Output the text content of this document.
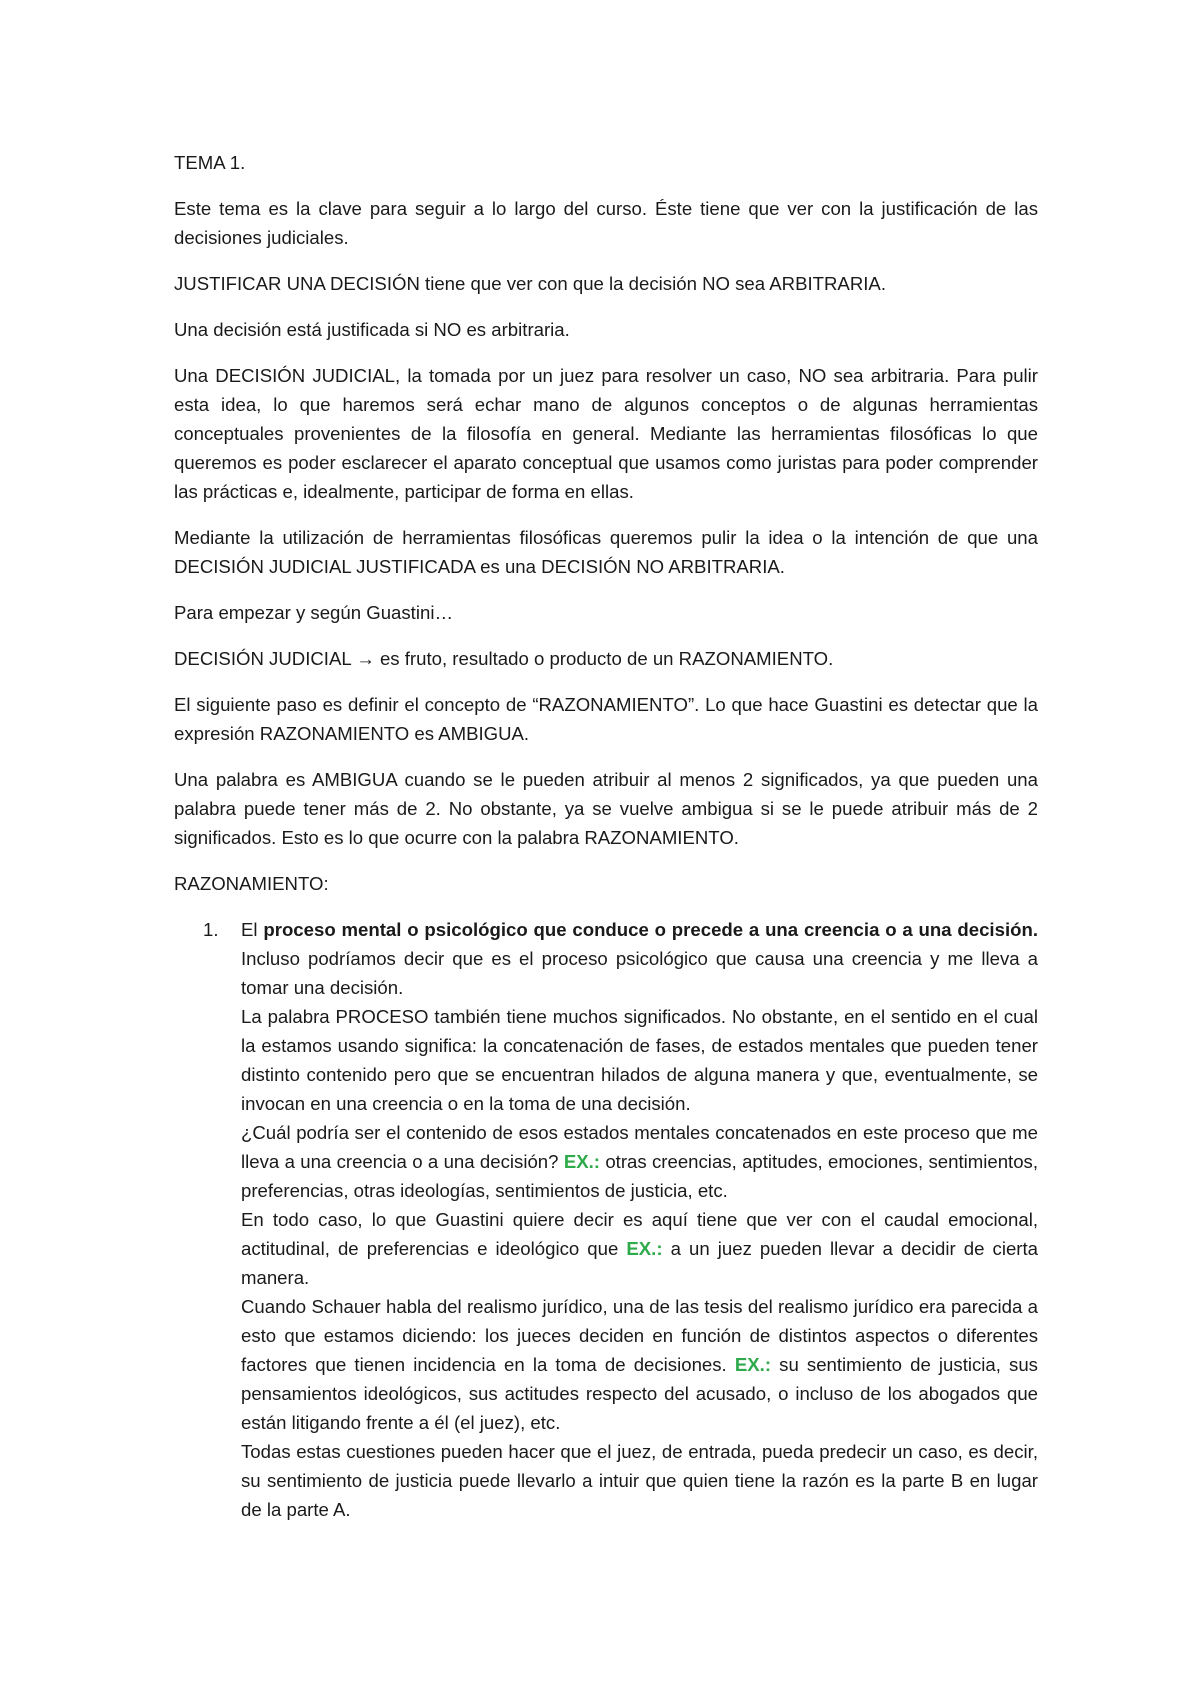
TEMA 1.

Este tema es la clave para seguir a lo largo del curso. Éste tiene que ver con la justificación de las decisiones judiciales.

JUSTIFICAR UNA DECISIÓN tiene que ver con que la decisión NO sea ARBITRARIA.

Una decisión está justificada si NO es arbitraria.

Una DECISIÓN JUDICIAL, la tomada por un juez para resolver un caso, NO sea arbitraria. Para pulir esta idea, lo que haremos será echar mano de algunos conceptos o de algunas herramientas conceptuales provenientes de la filosofía en general. Mediante las herramientas filosóficas lo que queremos es poder esclarecer el aparato conceptual que usamos como juristas para poder comprender las prácticas e, idealmente, participar de forma en ellas.

Mediante la utilización de herramientas filosóficas queremos pulir la idea o la intención de que una DECISIÓN JUDICIAL JUSTIFICADA es una DECISIÓN NO ARBITRARIA.

Para empezar y según Guastini…

DECISIÓN JUDICIAL → es fruto, resultado o producto de un RAZONAMIENTO.

El siguiente paso es definir el concepto de “RAZONAMIENTO”. Lo que hace Guastini es detectar que la expresión RAZONAMIENTO es AMBIGUA.

Una palabra es AMBIGUA cuando se le pueden atribuir al menos 2 significados, ya que pueden una palabra puede tener más de 2. No obstante, ya se vuelve ambigua si se le puede atribuir más de 2 significados. Esto es lo que ocurre con la palabra RAZONAMIENTO.

RAZONAMIENTO:

1.	El proceso mental o psicológico que conduce o precede a una creencia o a una decisión. Incluso podríamos decir que es el proceso psicológico que causa una creencia y me lleva a tomar una decisión.

La palabra PROCESO también tiene muchos significados. No obstante, en el sentido en el cual la estamos usando significa: la concatenación de fases, de estados mentales que pueden tener distinto contenido pero que se encuentran hilados de alguna manera y que, eventualmente, se invocan en una creencia o en la toma de una decisión.

¿Cuál podría ser el contenido de esos estados mentales concatenados en este proceso que me lleva a una creencia o a una decisión? EX.: otras creencias, aptitudes, emociones, sentimientos, preferencias, otras ideologías, sentimientos de justicia, etc.

En todo caso, lo que Guastini quiere decir es aquí tiene que ver con el caudal emocional, actitudinal, de preferencias e ideológico que EX.: a un juez pueden llevar a decidir de cierta manera.

Cuando Schauer habla del realismo jurídico, una de las tesis del realismo jurídico era parecida a esto que estamos diciendo: los jueces deciden en función de distintos aspectos o diferentes factores que tienen incidencia en la toma de decisiones. EX.: su sentimiento de justicia, sus pensamientos ideológicos, sus actitudes respecto del acusado, o incluso de los abogados que están litigando frente a él (el juez), etc.

Todas estas cuestiones pueden hacer que el juez, de entrada, pueda predecir un caso, es decir, su sentimiento de justicia puede llevarlo a intuir que quien tiene la razón es la parte B en lugar de la parte A.
